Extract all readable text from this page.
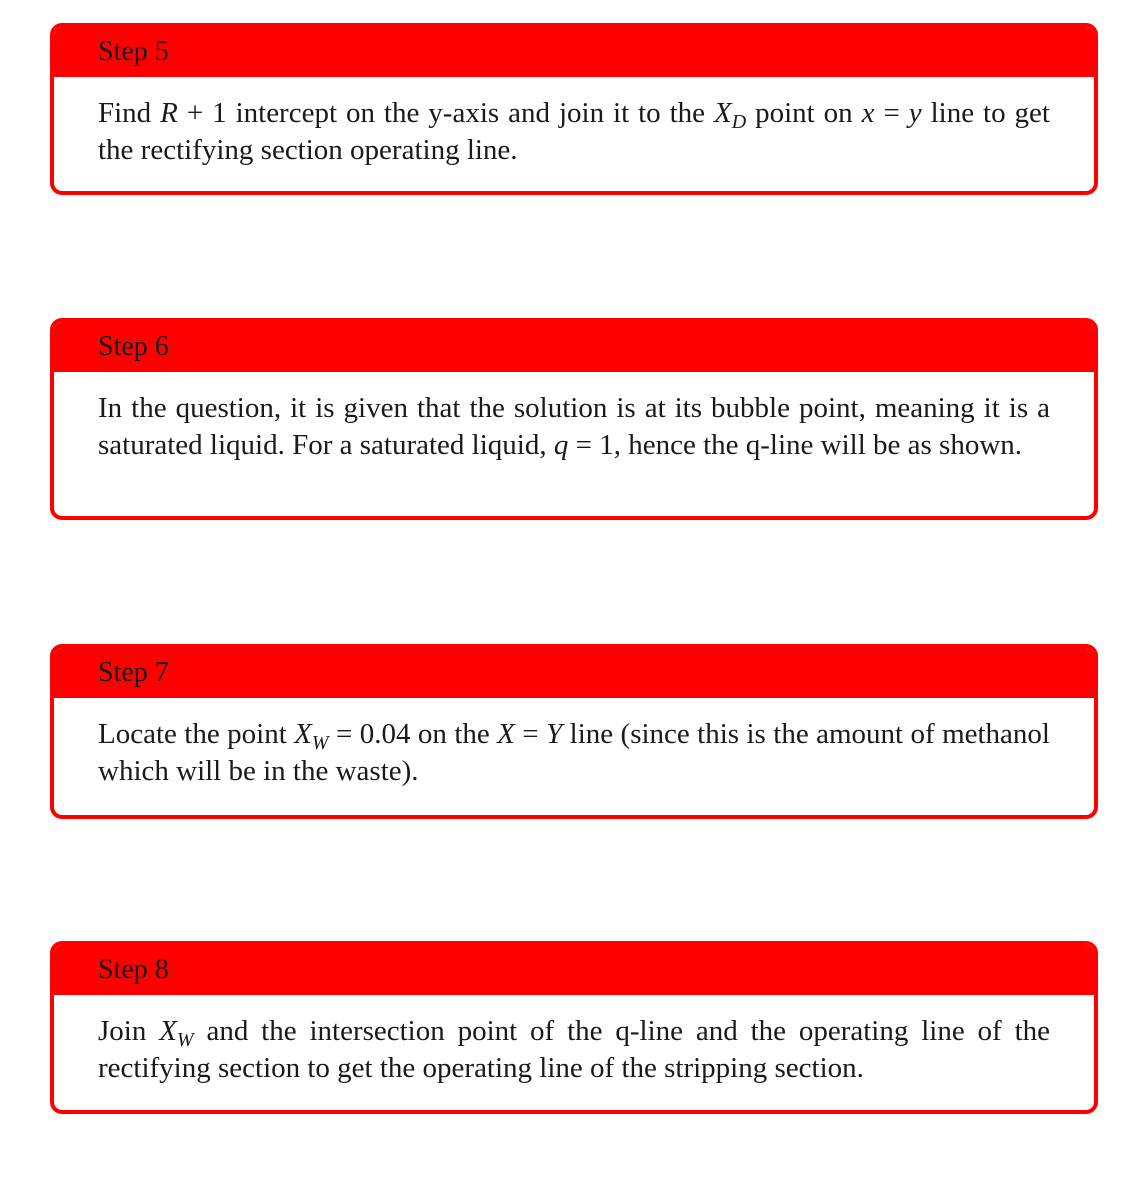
Step 5
Find R + 1 intercept on the y-axis and join it to the $X_D$ point on x = y line to get the rectifying section operating line.
Step 6
In the question, it is given that the solution is at its bubble point, meaning it is a saturated liquid. For a saturated liquid, q = 1, hence the q-line will be as shown.
Step 7
Locate the point $X_W = 0.04$ on the X = Y line (since this is the amount of methanol which will be in the waste).
Step 8
Join $X_W$ and the intersection point of the q-line and the operating line of the rectifying section to get the operating line of the stripping section.
